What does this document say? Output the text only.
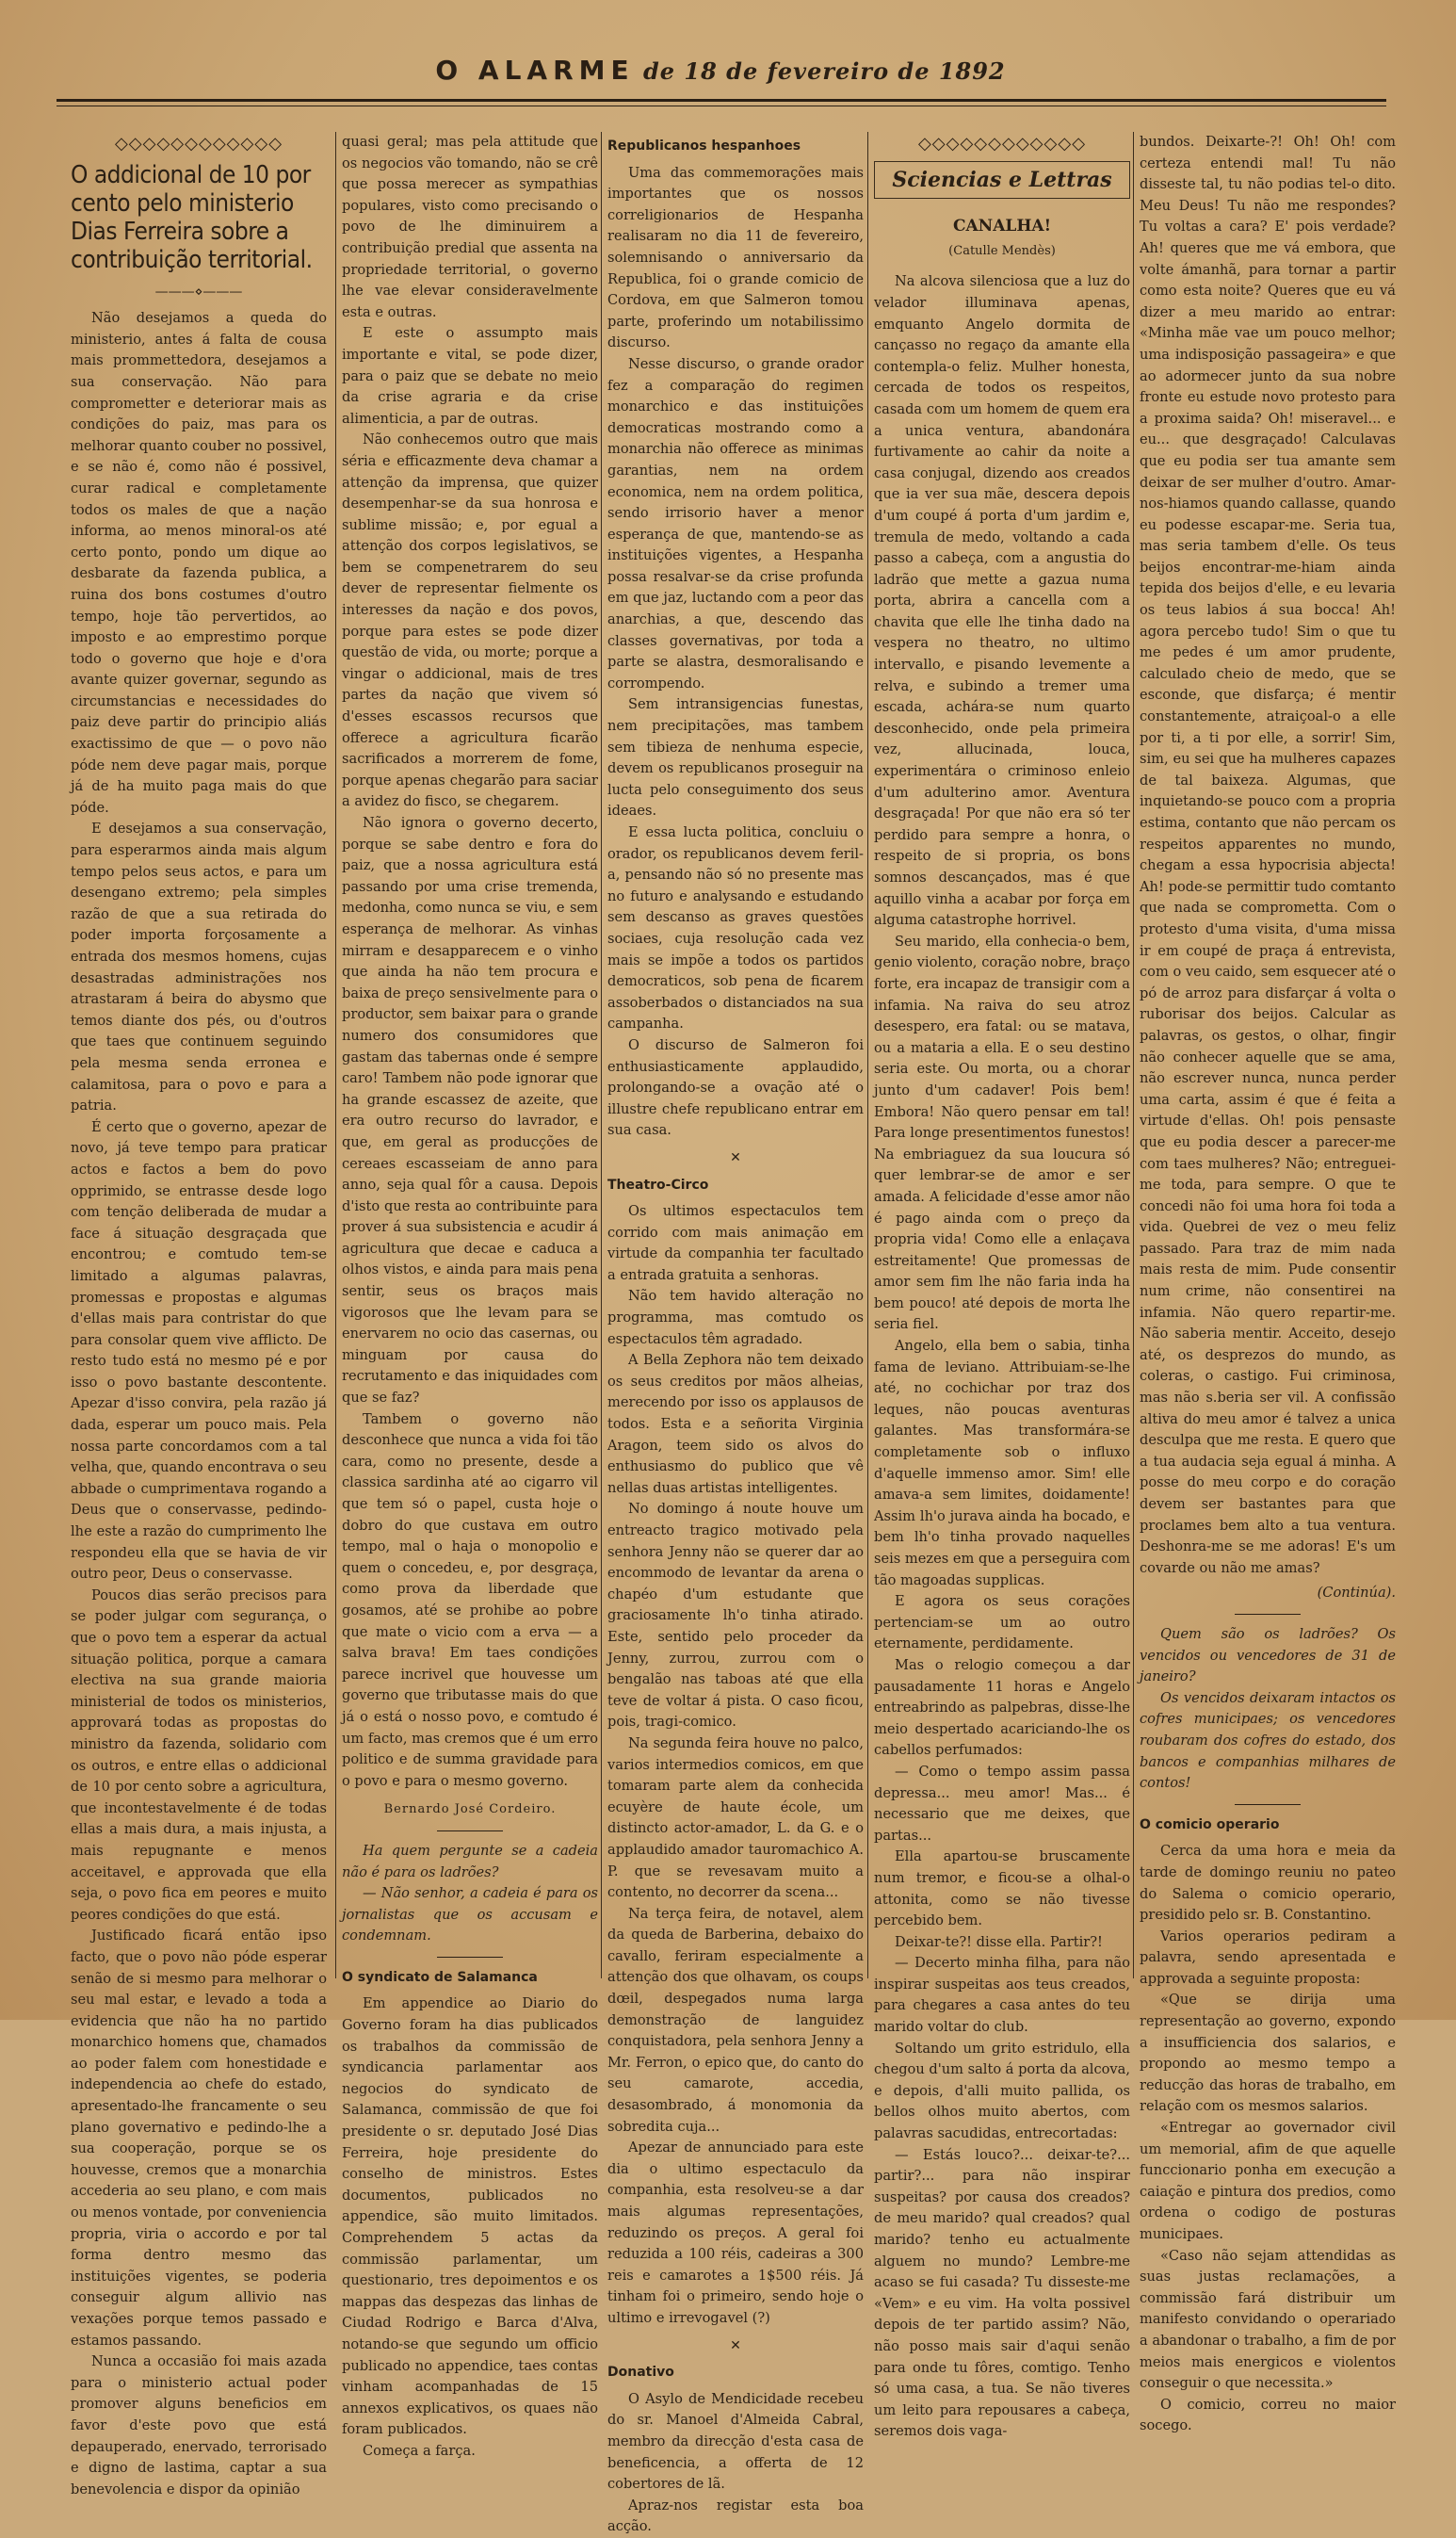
O ALARME de 18 de fevereiro de 1892
◇◇◇◇◇◇◇◇◇◇◇◇
O addicional de 10 por cento pelo ministerio Dias Ferreira sobre a contribuição territorial.
———⋄———

Não desejamos a queda do ministerio, antes á falta de cousa mais prommettedora, desejamos a sua conservação. Não para comprometter e deteriorar mais as condições do paiz, mas para os melhorar quanto couber no possivel, e se não é, como não é possivel, curar radical e completamente todos os males de que a nação informa, ao menos minoral-os até certo ponto, pondo um dique ao desbarate da fazenda publica, a ruina dos bons costumes d'outro tempo, hoje tão pervertidos, ao imposto e ao emprestimo porque todo o governo que hoje e d'ora avante quizer governar, segundo as circumstancias e necessidades do paiz deve partir do principio aliás exactissimo de que — o povo não póde nem deve pagar mais, porque já de ha muito paga mais do que póde.

E desejamos a sua conservação, para esperarmos ainda mais algum tempo pelos seus actos, e para um desengano extremo; pela simples razão de que a sua retirada do poder importa forçosamente a entrada dos mesmos homens, cujas desastradas administrações nos atrastaram á beira do abysmo que temos diante dos pés, ou d'outros que taes que continuem seguindo pela mesma senda erronea e calamitosa, para o povo e para a patria.

É certo que o governo, apezar de novo, já teve tempo para praticar actos e factos a bem do povo opprimido, se entrasse desde logo com tenção deliberada de mudar a face á situação desgraçada que encontrou; e comtudo tem-se limitado a algumas palavras, promessas e propostas e algumas d'ellas mais para contristar do que para consolar quem vive afflicto. De resto tudo está no mesmo pé e por isso o povo bastante descontente. Apezar d'isso convira, pela razão já dada, esperar um pouco mais. Pela nossa parte concordamos com a tal velha, que, quando encontrava o seu abbade o cumprimentava rogando a Deus que o conservasse, pedindo-lhe este a razão do cumprimento lhe respondeu ella que se havia de vir outro peor, Deus o conservasse.

Poucos dias serão precisos para se poder julgar com segurança, o que o povo tem a esperar da actual situação politica, porque a camara electiva na sua grande maioria ministerial de todos os ministerios, approvará todas as propostas do ministro da fazenda, solidario com os outros, e entre ellas o addicional de 10 por cento sobre a agricultura, que incontestavelmente é de todas ellas a mais dura, a mais injusta, a mais repugnante e menos acceitavel, e approvada que ella seja, o povo fica em peores e muito peores condições do que está.

Justificado ficará então ipso facto, que o povo não póde esperar senão de si mesmo para melhorar o seu mal estar, e levado a toda a evidencia que não ha no partido monarchico homens que, chamados ao poder falem com honestidade e independencia ao chefe do estado, apresentado-lhe francamente o seu plano governativo e pedindo-lhe a sua cooperação, porque se os houvesse, cremos que a monarchia accederia ao seu plano, e com mais ou menos vontade, por conveniencia propria, viria o accordo e por tal forma dentro mesmo das instituições vigentes, se poderia conseguir algum allivio nas vexações porque temos passado e estamos passando.

Nunca a occasião foi mais azada para o ministerio actual poder promover alguns beneficios em favor d'este povo que está depauperado, enervado, terrorisado e digno de lastima, captar a sua benevolencia e dispor da opinião

quasi geral; mas pela attitude que os negocios vão tomando, não se crê que possa merecer as sympathias populares, visto como precisando o povo de lhe diminuirem a contribuição predial que assenta na propriedade territorial, o governo lhe vae elevar consideravelmente esta e outras.

E este o assumpto mais importante e vital, se pode dizer, para o paiz que se debate no meio da crise agraria e da crise alimenticia, a par de outras.

Não conhecemos outro que mais séria e efficazmente deva chamar a attenção da imprensa, que quizer desempenhar-se da sua honrosa e sublime missão; e, por egual a attenção dos corpos legislativos, se bem se compenetrarem do seu dever de representar fielmente os interesses da nação e dos povos, porque para estes se pode dizer questão de vida, ou morte; porque a vingar o addicional, mais de tres partes da nação que vivem só d'esses escassos recursos que offerece a agricultura ficarão sacrificados a morrerem de fome, porque apenas chegarão para saciar a avidez do fisco, se chegarem.

Não ignora o governo decerto, porque se sabe dentro e fora do paiz, que a nossa agricultura está passando por uma crise tremenda, medonha, como nunca se viu, e sem esperança de melhorar. As vinhas mirram e desapparecem e o vinho que ainda ha não tem procura e baixa de preço sensivelmente para o productor, sem baixar para o grande numero dos consumidores que gastam das tabernas onde é sempre caro! Tambem não pode ignorar que ha grande escassez de azeite, que era outro recurso do lavrador, e que, em geral as producções de cereaes escasseiam de anno para anno, seja qual fôr a causa. Depois d'isto que resta ao contribuinte para prover á sua subsistencia e acudir á agricultura que decae e caduca a olhos vistos, e ainda para mais pena sentir, seus os braços mais vigorosos que lhe levam para se enervarem no ocio das casernas, ou minguam por causa do recrutamento e das iniquidades com que se faz?

Tambem o governo não desconhece que nunca a vida foi tão cara, como no presente, desde a classica sardinha até ao cigarro vil que tem só o papel, custa hoje o dobro do que custava em outro tempo, mal o haja o monopolio e quem o concedeu, e, por desgraça, como prova da liberdade que gosamos, até se prohibe ao pobre que mate o vicio com a erva — a salva brava! Em taes condições parece incrivel que houvesse um governo que tributasse mais do que já o está o nosso povo, e comtudo é um facto, mas cremos que é um erro politico e de summa gravidade para o povo e para o mesmo governo.

Bernardo José Cordeiro.

Ha quem pergunte se a cadeia não é para os ladrões?

— Não senhor, a cadeia é para os jornalistas que os accusam e condemnam.

O syndicato de Salamanca

Em appendice ao Diario do Governo foram ha dias publicados os trabalhos da commissão de syndicancia parlamentar aos negocios do syndicato de Salamanca, commissão de que foi presidente o sr. deputado José Dias Ferreira, hoje presidente do conselho de ministros. Estes documentos, publicados no appendice, são muito limitados. Comprehendem 5 actas da commissão parlamentar, um questionario, tres depoimentos e os mappas das despezas das linhas de Ciudad Rodrigo e Barca d'Alva, notando-se que segundo um officio publicado no appendice, taes contas vinham acompanhadas de 15 annexos explicativos, os quaes não foram publicados.

Começa a farça.

Republicanos hespanhoes

Uma das commemorações mais importantes que os nossos correligionarios de Hespanha realisaram no dia 11 de fevereiro, solemnisando o anniversario da Republica, foi o grande comicio de Cordova, em que Salmeron tomou parte, proferindo um notabilissimo discurso.

Nesse discurso, o grande orador fez a comparação do regimen monarchico e das instituições democraticas mostrando como a monarchia não offerece as minimas garantias, nem na ordem economica, nem na ordem politica, sendo irrisorio haver a menor esperança de que, mantendo-se as instituições vigentes, a Hespanha possa resalvar-se da crise profunda em que jaz, luctando com a peor das anarchias, a que, descendo das classes governativas, por toda a parte se alastra, desmoralisando e corrompendo.

Sem intransigencias funestas, nem precipitações, mas tambem sem tibieza de nenhuma especie, devem os republicanos proseguir na lucta pelo conseguimento dos seus ideaes.

E essa lucta politica, concluiu o orador, os republicanos devem feril-a, pensando não só no presente mas no futuro e analysando e estudando sem descanso as graves questões sociaes, cuja resolução cada vez mais se impõe a todos os partidos democraticos, sob pena de ficarem assoberbados o distanciados na sua campanha.

O discurso de Salmeron foi enthusiasticamente applaudido, prolongando-se a ovação até o illustre chefe republicano entrar em sua casa.

✕
Theatro-Circo

Os ultimos espectaculos tem corrido com mais animação em virtude da companhia ter facultado a entrada gratuita a senhoras.

Não tem havido alteração no programma, mas comtudo os espectaculos têm agradado.

A Bella Zephora não tem deixado os seus creditos por mãos alheias, merecendo por isso os applausos de todos. Esta e a señorita Virginia Aragon, teem sido os alvos do enthusiasmo do publico que vê nellas duas artistas intelligentes.

No domingo á noute houve um entreacto tragico motivado pela senhora Jenny não se querer dar ao encommodo de levantar da arena o chapéo d'um estudante que graciosamente lh'o tinha atirado. Este, sentido pelo proceder da Jenny, zurrou, zurrou com o bengalão nas taboas até que ella teve de voltar á pista. O caso ficou, pois, tragi-comico.

Na segunda feira houve no palco, varios intermedios comicos, em que tomaram parte alem da conhecida ecuyère de haute école, um distincto actor-amador, L. da G. e o applaudido amador tauromachico A. P. que se revesavam muito a contento, no decorrer da scena...

Na terça feira, de notavel, alem da queda de Barberina, debaixo do cavallo, feriram especialmente a attenção dos que olhavam, os coups dœil, despegados numa larga demonstração de languidez conquistadora, pela senhora Jenny a Mr. Ferron, o epico que, do canto do seu camarote, accedia, desasombrado, á monomonia da sobredita cuja...

Apezar de annunciado para este dia o ultimo espectaculo da companhia, esta resolveu-se a dar mais algumas representações, reduzindo os preços. A geral foi reduzida a 100 réis, cadeiras a 300 reis e camarotes a 1$500 réis. Já tinham foi o primeiro, sendo hoje o ultimo e irrevogavel (?)

✕
Donativo

O Asylo de Mendicidade recebeu do sr. Manoel d'Almeida Cabral, membro da direcção d'esta casa de beneficencia, a offerta de 12 cobertores de lã.

Apraz-nos registar esta boa acção.

◇◇◇◇◇◇◇◇◇◇◇◇
Sciencias e Lettras
CANALHA!
(Catulle Mendès)

Na alcova silenciosa que a luz do velador illuminava apenas, emquanto Angelo dormita de cançasso no regaço da amante ella contempla-o feliz. Mulher honesta, cercada de todos os respeitos, casada com um homem de quem era a unica ventura, abandonára furtivamente ao cahir da noite a casa conjugal, dizendo aos creados que ia ver sua mãe, descera depois d'um coupé á porta d'um jardim e, tremula de medo, voltando a cada passo a cabeça, com a angustia do ladrão que mette a gazua numa porta, abrira a cancella com a chavita que elle lhe tinha dado na vespera no theatro, no ultimo intervallo, e pisando levemente a relva, e subindo a tremer uma escada, achára-se num quarto desconhecido, onde pela primeira vez, allucinada, louca, experimentára o criminoso enleio d'um adulterino amor. Aventura desgraçada! Por que não era só ter perdido para sempre a honra, o respeito de si propria, os bons somnos descançados, mas é que aquillo vinha a acabar por força em alguma catastrophe horrivel.

Seu marido, ella conhecia-o bem, genio violento, coração nobre, braço forte, era incapaz de transigir com a infamia. Na raiva do seu atroz desespero, era fatal: ou se matava, ou a mataria a ella. E o seu destino seria este. Ou morta, ou a chorar junto d'um cadaver! Pois bem! Embora! Não quero pensar em tal! Para longe presentimentos funestos! Na embriaguez da sua loucura só quer lembrar-se de amor e ser amada. A felicidade d'esse amor não é pago ainda com o preço da propria vida! Como elle a enlaçava estreitamente! Que promessas de amor sem fim lhe não faria inda ha bem pouco! até depois de morta lhe seria fiel.

Angelo, ella bem o sabia, tinha fama de leviano. Attribuiam-se-lhe até, no cochichar por traz dos leques, não poucas aventuras galantes. Mas transformára-se completamente sob o influxo d'aquelle immenso amor. Sim! elle amava-a sem limites, doidamente! Assim lh'o jurava ainda ha bocado, e bem lh'o tinha provado naquelles seis mezes em que a perseguira com tão magoadas supplicas.

E agora os seus corações pertenciam-se um ao outro eternamente, perdidamente.

Mas o relogio começou a dar pausadamente 11 horas e Angelo entreabrindo as palpebras, disse-lhe meio despertado acariciando-lhe os cabellos perfumados:

— Como o tempo assim passa depressa... meu amor! Mas... é necessario que me deixes, que partas...

Ella apartou-se bruscamente num tremor, e ficou-se a olhal-o attonita, como se não tivesse percebido bem.

Deixar-te?! disse ella. Partir?!

— Decerto minha filha, para não inspirar suspeitas aos teus creados, para chegares a casa antes do teu marido voltar do club.

Soltando um grito estridulo, ella chegou d'um salto á porta da alcova, e depois, d'alli muito pallida, os bellos olhos muito abertos, com palavras sacudidas, entrecortadas:

— Estás louco?... deixar-te?... partir?... para não inspirar suspeitas? por causa dos creados? de meu marido? qual creados? qual marido? tenho eu actualmente alguem no mundo? Lembre-me acaso se fui casada? Tu disseste-me «Vem» e eu vim. Ha volta possivel depois de ter partido assim? Não, não posso mais sair d'aqui senão para onde tu fôres, comtigo. Tenho só uma casa, a tua. Se não tiveres um leito para repousares a cabeça, seremos dois vaga-

bundos. Deixarte-?! Oh! Oh! com certeza entendi mal! Tu não disseste tal, tu não podias tel-o dito. Meu Deus! Tu não me respondes? Tu voltas a cara? E' pois verdade? Ah! queres que me vá embora, que volte ámanhã, para tornar a partir como esta noite? Queres que eu vá dizer a meu marido ao entrar: «Minha mãe vae um pouco melhor; uma indisposição passageira» e que ao adormecer junto da sua nobre fronte eu estude novo protesto para a proxima saida? Oh! miseravel... e eu... que desgraçado! Calculavas que eu podia ser tua amante sem deixar de ser mulher d'outro. Amar-nos-hiamos quando callasse, quando eu podesse escapar-me. Seria tua, mas seria tambem d'elle. Os teus beijos encontrar-me-hiam ainda tepida dos beijos d'elle, e eu levaria os teus labios á sua bocca! Ah! agora percebo tudo! Sim o que tu me pedes é um amor prudente, calculado cheio de medo, que se esconde, que disfarça; é mentir constantemente, atraiçoal-o a elle por ti, a ti por elle, a sorrir! Sim, sim, eu sei que ha mulheres capazes de tal baixeza. Algumas, que inquietando-se pouco com a propria estima, contanto que não percam os respeitos apparentes no mundo, chegam a essa hypocrisia abjecta! Ah! pode-se permittir tudo comtanto que nada se comprometta. Com o protesto d'uma visita, d'uma missa ir em coupé de praça á entrevista, com o veu caido, sem esquecer até o pó de arroz para disfarçar á volta o ruborisar dos beijos. Calcular as palavras, os gestos, o olhar, fingir não conhecer aquelle que se ama, não escrever nunca, nunca perder uma carta, assim é que é feita a virtude d'ellas. Oh! pois pensaste que eu podia descer a parecer-me com taes mulheres? Não; entreguei-me toda, para sempre. O que te concedi não foi uma hora foi toda a vida. Quebrei de vez o meu feliz passado. Para traz de mim nada mais resta de mim. Pude consentir num crime, não consentirei na infamia. Não quero repartir-me. Não saberia mentir. Acceito, desejo até, os desprezos do mundo, as coleras, o castigo. Fui criminosa, mas não s.beria ser vil. A confissão altiva do meu amor é talvez a unica desculpa que me resta. E quero que a tua audacia seja egual á minha. A posse do meu corpo e do coração devem ser bastantes para que proclames bem alto a tua ventura. Deshonra-me se me adoras! E's um covarde ou não me amas?

(Continúa).

Quem são os ladrões? Os vencidos ou vencedores de 31 de janeiro?

Os vencidos deixaram intactos os cofres municipaes; os vencedores roubaram dos cofres do estado, dos bancos e companhias milhares de contos!

O comicio operario

Cerca da uma hora e meia da tarde de domingo reuniu no pateo do Salema o comicio operario, presidido pelo sr. B. Constantino.

Varios operarios pediram a palavra, sendo apresentada e approvada a seguinte proposta:

«Que se dirija uma representação ao governo, expondo a insufficiencia dos salarios, e propondo ao mesmo tempo a reducção das horas de trabalho, em relação com os mesmos salarios.

«Entregar ao governador civil um memorial, afim de que aquelle funccionario ponha em execução a caiação e pintura dos predios, como ordena o codigo de posturas municipaes.

«Caso não sejam attendidas as suas justas reclamações, a commissão fará distribuir um manifesto convidando o operariado a abandonar o trabalho, a fim de por meios mais energicos e violentos conseguir o que necessita.»

O comicio, correu no maior socego.
